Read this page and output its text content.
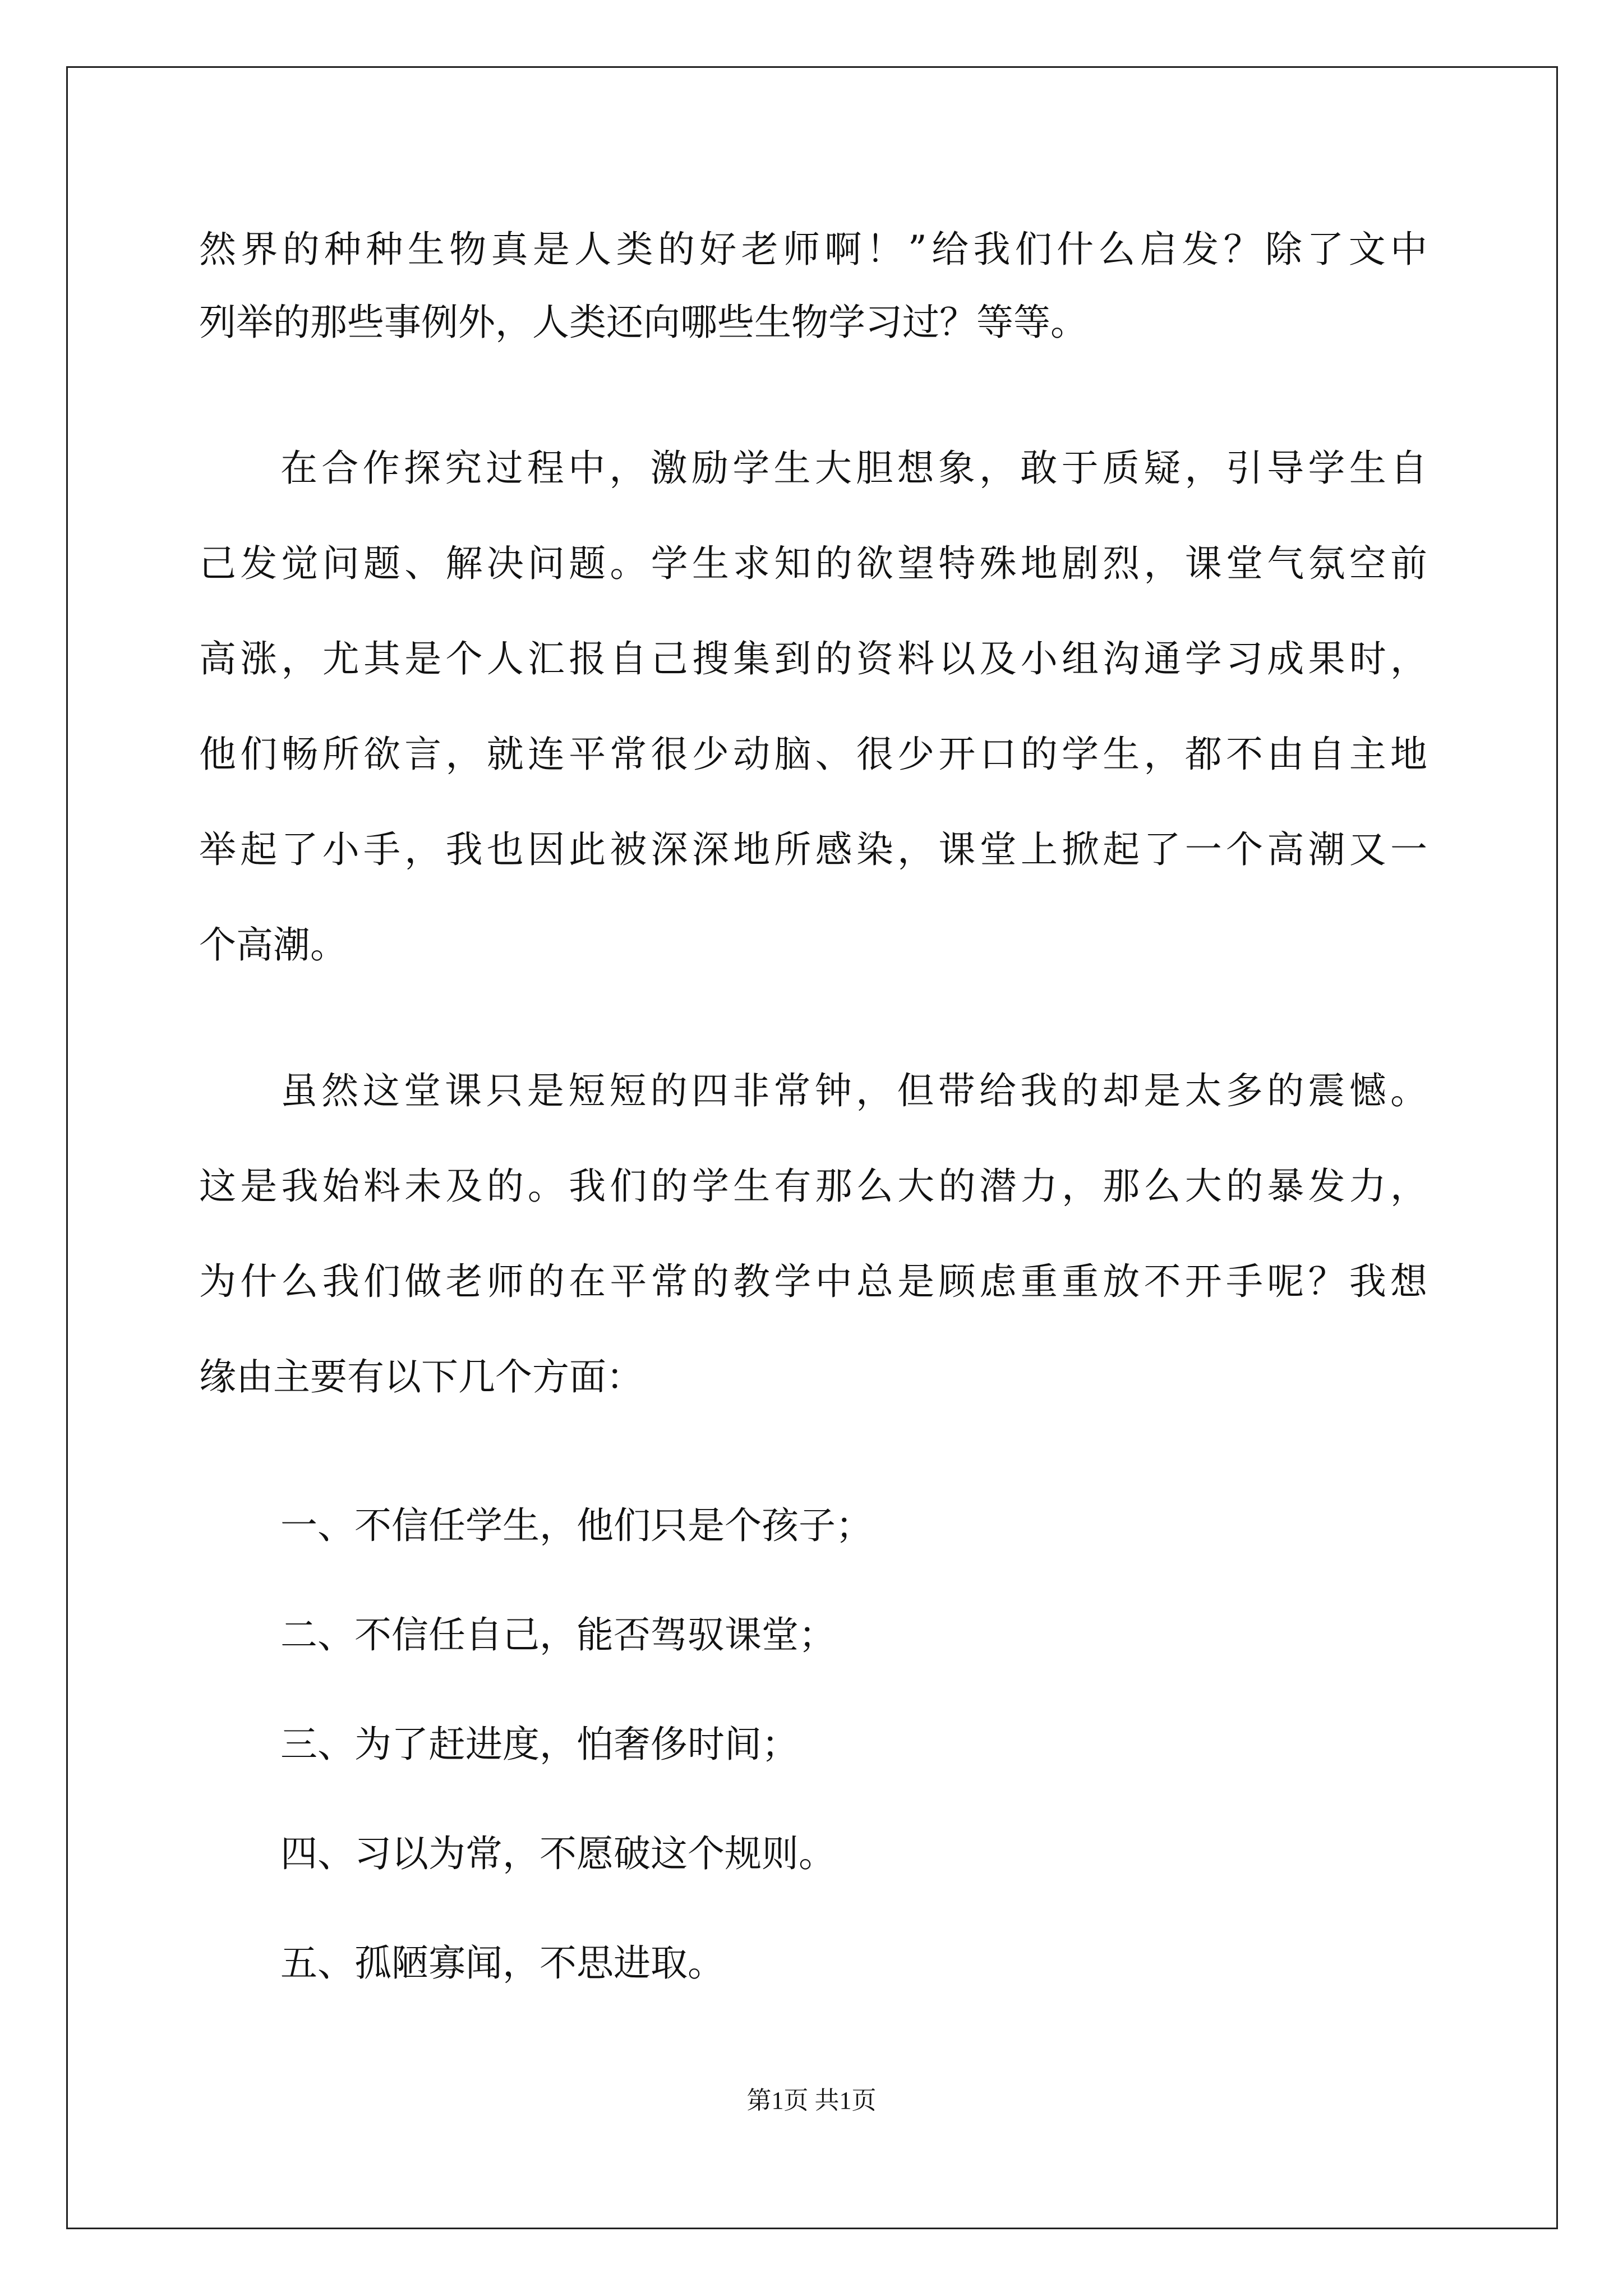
然界的种种生物真是人类的好老师啊！”给我们什么启发？除了文中

列举的那些事例外，人类还向哪些生物学习过？等等。

在合作探究过程中，激励学生大胆想象，敢于质疑，引导学生自

己发觉问题、解决问题。学生求知的欲望特殊地剧烈，课堂气氛空前

高涨，尤其是个人汇报自己搜集到的资料以及小组沟通学习成果时，

他们畅所欲言，就连平常很少动脑、很少开口的学生，都不由自主地

举起了小手，我也因此被深深地所感染，课堂上掀起了一个高潮又一

个高潮。

虽然这堂课只是短短的四非常钟，但带给我的却是太多的震憾。

这是我始料未及的。我们的学生有那么大的潜力，那么大的暴发力，

为什么我们做老师的在平常的教学中总是顾虑重重放不开手呢？我想

缘由主要有以下几个方面：

一、不信任学生，他们只是个孩子；

二、不信任自己，能否驾驭课堂；

三、为了赶进度，怕奢侈时间；

四、习以为常，不愿破这个规则。

五、孤陋寡闻，不思进取。

第1页 共1页
